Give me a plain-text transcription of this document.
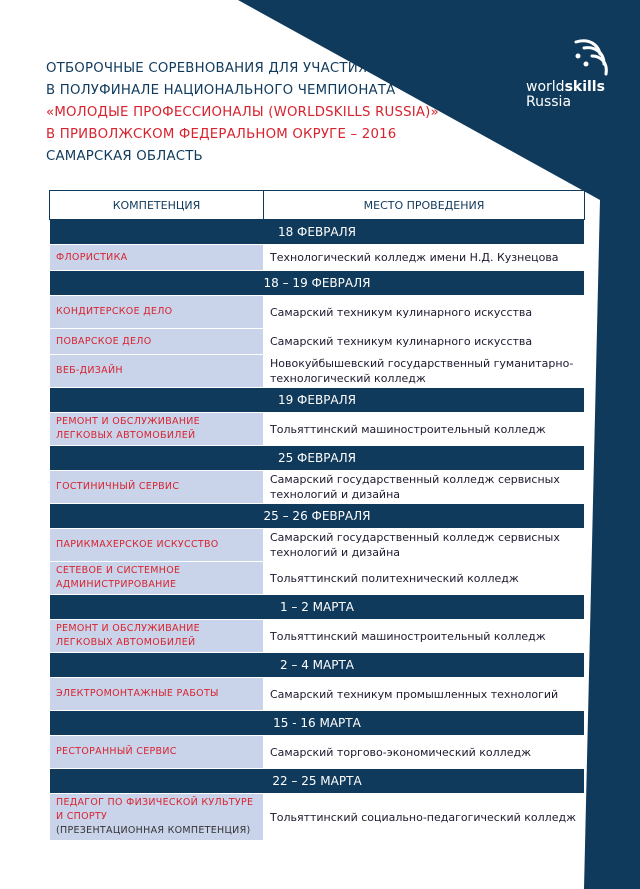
ОТБОРОЧНЫЕ СОРЕВНОВАНИЯ ДЛЯ УЧАСТИЯ
В ПОЛУФИНАЛЕ НАЦИОНАЛЬНОГО ЧЕМПИОНАТА
«МОЛОДЫЕ ПРОФЕССИОНАЛЫ (WORLDSKILLS RUSSIA)»
В ПРИВОЛЖСКОМ ФЕДЕРАЛЬНОМ ОКРУГЕ – 2016
САМАРСКАЯ ОБЛАСТЬ
worldskills
Russia
КОМПЕТЕНЦИЯ	МЕСТО ПРОВЕДЕНИЯ
18 ФЕВРАЛЯ	
ФЛОРИСТИКА	Технологический колледж имени Н.Д. Кузнецова
18 – 19 ФЕВРАЛЯ	
КОНДИТЕРСКОЕ ДЕЛО	Самарский техникум кулинарного искусства
ПОВАРСКОЕ ДЕЛО	Самарский техникум кулинарного искусства
ВЕБ-ДИЗАЙН	Новокуйбышевский государственный гуманитарно-технологический колледж
19 ФЕВРАЛЯ	
РЕМОНТ И ОБСЛУЖИВАНИЕ ЛЕГКОВЫХ АВТОМОБИЛЕЙ	Тольяттинский машиностроительный колледж
25 ФЕВРАЛЯ	
ГОСТИНИЧНЫЙ СЕРВИС	Самарский государственный колледж сервисных технологий и дизайна
25 – 26 ФЕВРАЛЯ	
ПАРИКМАХЕРСКОЕ ИСКУССТВО	Самарский государственный колледж сервисных технологий и дизайна
СЕТЕВОЕ И СИСТЕМНОЕ АДМИНИСТРИРОВАНИЕ	Тольяттинский политехнический колледж
1 – 2 МАРТА	
РЕМОНТ И ОБСЛУЖИВАНИЕ ЛЕГКОВЫХ АВТОМОБИЛЕЙ	Тольяттинский машиностроительный колледж
2 – 4 МАРТА	
ЭЛЕКТРОМОНТАЖНЫЕ РАБОТЫ	Самарский техникум промышленных технологий
15 - 16 МАРТА	
РЕСТОРАННЫЙ СЕРВИС	Самарский торгово-экономический колледж
22 – 25 МАРТА	
ПЕДАГОГ ПО ФИЗИЧЕСКОЙ КУЛЬТУРЕ И СПОРТУ
(ПРЕЗЕНТАЦИОННАЯ КОМПЕТЕНЦИЯ)	Тольяттинский социально-педагогический колледж
